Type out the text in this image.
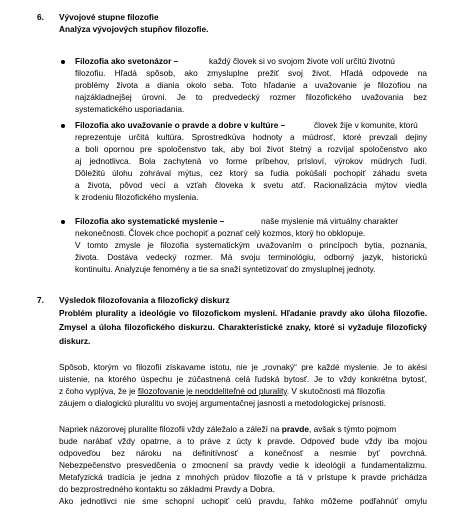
6. Vývojové stupne filozofie
Analýza vývojových stupňov filozofie.
Filozofia ako svetonázor –	každý človek si vo svojom živote volí určitú životnú
filozofiu. Hľadá spôsob, ako zmysluplne prežiť svoj život. Hľadá odpovede na
problémy života a diania okolo seba. Toto hľadanie a uvažovanie je filozofiou na
najzákladnejšej úrovni. Je to predvedecký rozmer filozofického uvažovania bez
systematického usporiadania.
Filozofia ako uvažovanie o pravde a dobre v kultúre –	človek žije v komunite, ktorú
reprezentuje určitá kultúra. Sprostredkúva hodnoty a múdrosť, ktoré prevzali dejiny
a boli opornou pre spoločenstvo tak, aby bol život štetný a rozvíjal spoločenstvo ako
aj jednotlivca. Bola zachytená vo forme príbehov, prísloví, výrokov múdrych ľudí.
Dôležitú úlohu zohrával mýtus, cez ktorý sa ľudia pokúšali pochopiť záhadu sveta
a života, pôvod vecí a vzťah človeka k svetu atď. Racionalizácia mýtov viedla
k zrodeniu filozofického myslenia.
Filozofia ako systematické myslenie –	naše myslenie má virtuálny charakter
nekonečnosti. Človek chce pochopiť a poznať celý kozmos, ktorý ho obklopuje.
V tomto zmysle je filozofia systematickým uvažovaním o princípoch bytia, poznania,
života. Dostáva vedecký rozmer. Má svoju terminológiu, odborný jazyk, historickú
kontinuitu. Analyzuje fenomény a tie sa snaží syntetizovať do zmysluplnej jednoty.
7. Výsledok filozofovania a filozofický diskurz
Problém plurality a ideológie vo filozofickom myslení. Hľadanie pravdy ako úloha filozofie.
Zmysel a úloha filozofického diskurzu. Charakteristické znaky, ktoré si vyžaduje filozofický
diskurz.
Spôsob, ktorým vo filozofii získavame istotu, nie je „rovnaký“ pre každé myslenie. Je to akési
uistenie, na ktorého úspechu je zúčastnená celá ľudská bytosť. Je to vždy konkrétna bytosť,
z čoho vyplýva, že je filozofovanie je neoddeliteľné od plurality. V skutočnosti má filozofia
záujem o dialogickú pluralitu vo svojej argumentačnej jasnosti a metodologickej prísnosti.
Napriek názorovej pluralite filozofii vždy záležalo a záleží na pravde, avšak s týmto pojmom
bude narábať vždy opatrne, a to práve z úcty k pravde. Odpoveď bude vždy iba mojou
odpoveďou bez nároku na definitívnosť a konečnosť a nesmie byť povrchná.
Nebezpečenstvo presvedčenia o zmocnení sa pravdy vedie k ideológii a fundamentalizmu.
Metafyzická tradícia je jedna z mnohých prúdov filozofie a tá v prístupe k pravde prichádza
do bezprostredného kontaktu so základmi Pravdy a Dobra.
Ako jednotlivci nie sme schopní uchopiť celú pravdu, ľahko môžeme podľahnúť omylu
